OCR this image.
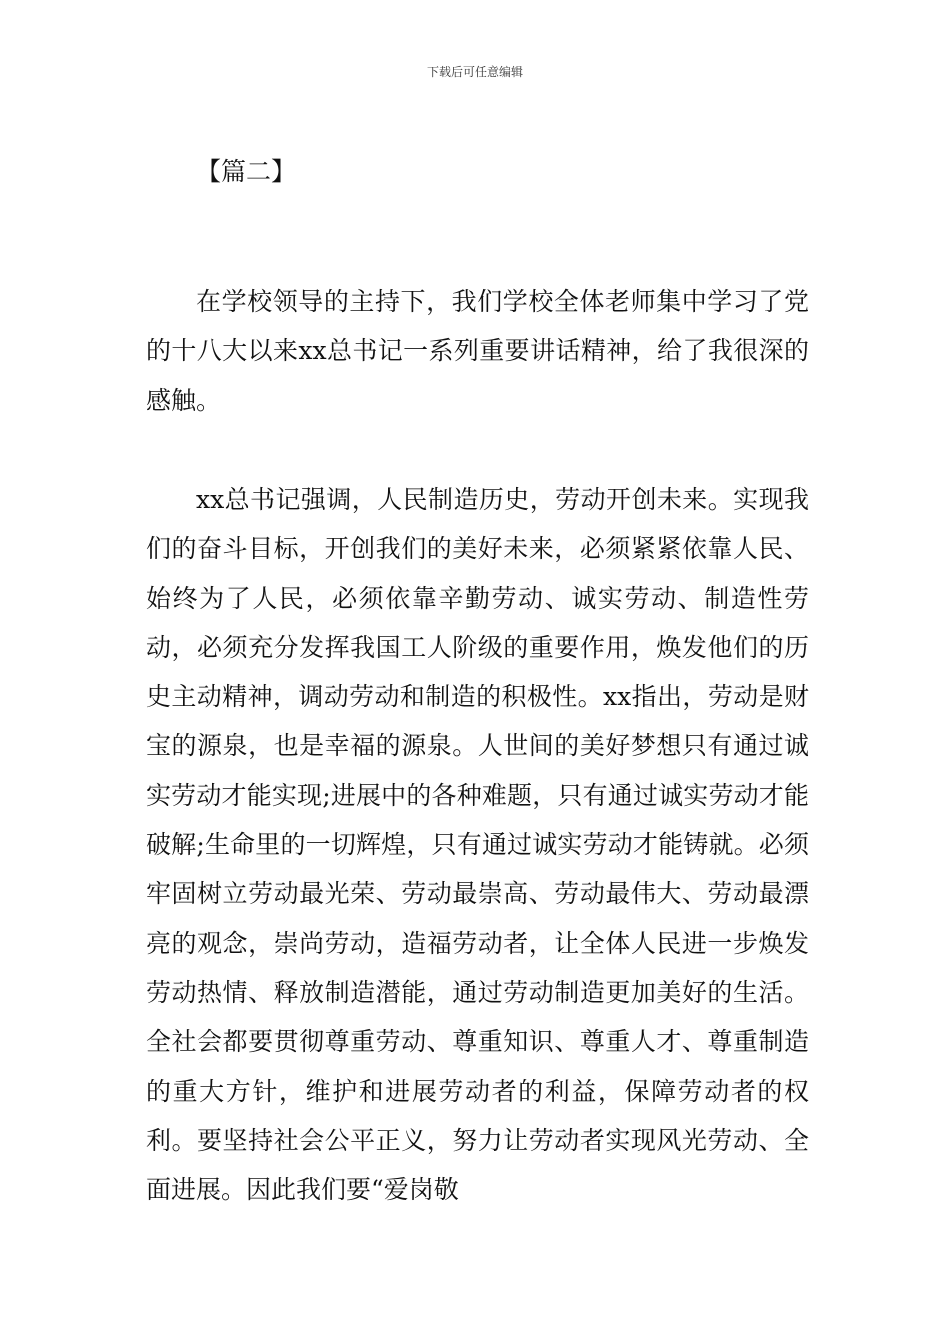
下载后可任意编辑
【篇二】

在学校领导的主持下，我们学校全体老师集中学习了党的十八大以来xx总书记一系列重要讲话精神，给了我很深的感触。

xx总书记强调，人民制造历史，劳动开创未来。实现我们的奋斗目标，开创我们的美好未来，必须紧紧依靠人民、始终为了人民，必须依靠辛勤劳动、诚实劳动、制造性劳动，必须充分发挥我国工人阶级的重要作用，焕发他们的历史主动精神，调动劳动和制造的积极性。xx指出，劳动是财宝的源泉，也是幸福的源泉。人世间的美好梦想只有通过诚实劳动才能实现;进展中的各种难题，只有通过诚实劳动才能破解;生命里的一切辉煌，只有通过诚实劳动才能铸就。必须牢固树立劳动最光荣、劳动最崇高、劳动最伟大、劳动最漂亮的观念，崇尚劳动，造福劳动者，让全体人民进一步焕发劳动热情、释放制造潜能，通过劳动制造更加美好的生活。全社会都要贯彻尊重劳动、尊重知识、尊重人才、尊重制造的重大方针，维护和进展劳动者的利益，保障劳动者的权利。要坚持社会公平正义，努力让劳动者实现风光劳动、全面进展。因此我们要“爱岗敬
